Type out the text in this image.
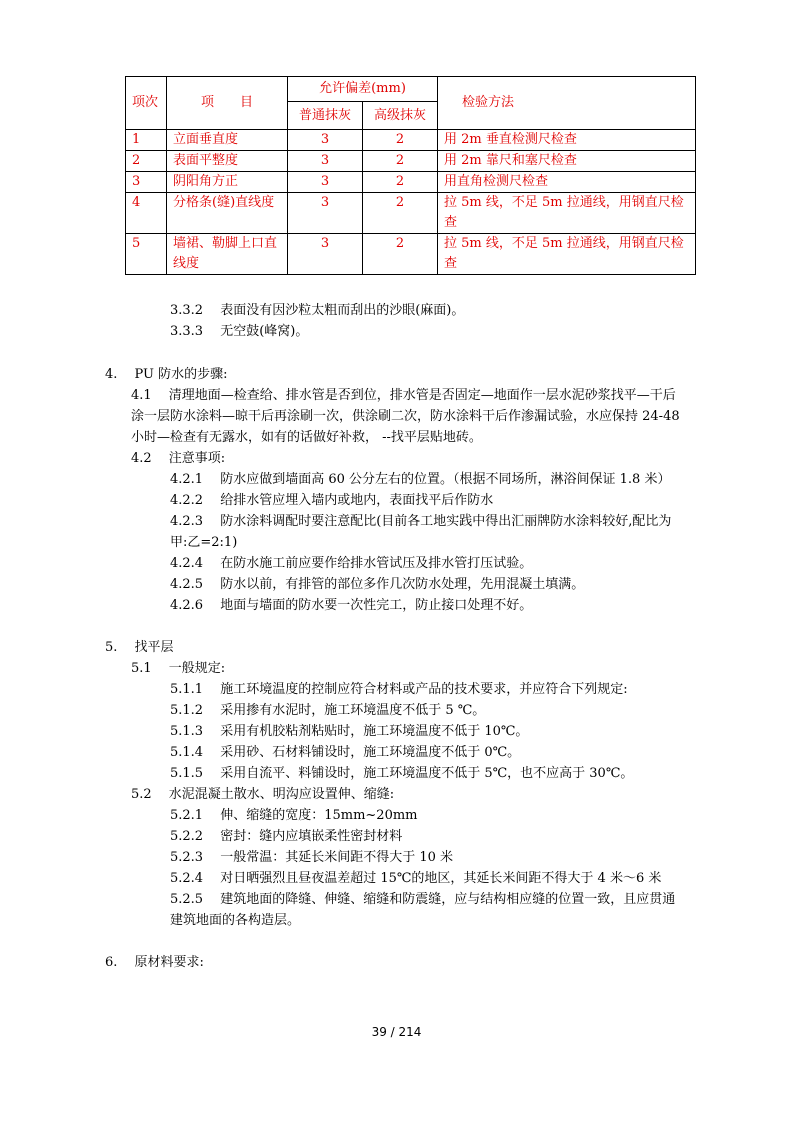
项次	项　　目	允许偏差(mm)		检验方法
		普通抹灰	高级抹灰	
1	立面垂直度	3	2	用 2m 垂直检测尺检查
2	表面平整度	3	2	用 2m 靠尺和塞尺检查
3	阴阳角方正	3	2	用直角检测尺检查
4	分格条(缝)直线度	3	2	拉 5m 线，不足 5m 拉通线，用钢直尺检查
5	墙裙、勒脚上口直线度	3	2	拉 5m 线，不足 5m 拉通线，用钢直尺检查
3.3.2　 表面没有因沙粒太粗而刮出的沙眼(麻面)。
3.3.3　 无空鼓(峰窝)。
4.　 PU 防水的步骤:
4.1　 清理地面—检查给、排水管是否到位，排水管是否固定—地面作一层水泥砂浆找平—干后
涂一层防水涂料—晾干后再涂刷一次，供涂刷二次，防水涂料干后作渗漏试验，水应保持 24-48
小时—检查有无露水，如有的话做好补救， --找平层贴地砖。
4.2　 注意事项:
4.2.1　 防水应做到墙面高 60 公分左右的位置。（根据不同场所，淋浴间保证 1.8 米）
4.2.2　 给排水管应埋入墙内或地内，表面找平后作防水
4.2.3　 防水涂料调配时要注意配比(目前各工地实践中得出汇丽牌防水涂料较好,配比为
甲:乙=2:1)
4.2.4　 在防水施工前应要作给排水管试压及排水管打压试验。
4.2.5　 防水以前，有排管的部位多作几次防水处理，先用混凝土填满。
4.2.6　 地面与墙面的防水要一次性完工，防止接口处理不好。
5.　 找平层
5.1　 一般规定:
5.1.1　 施工环境温度的控制应符合材料或产品的技术要求，并应符合下列规定:
5.1.2　 采用掺有水泥时，施工环境温度不低于 5 ℃。
5.1.3　 采用有机胶粘剂粘贴时，施工环境温度不低于 10℃。
5.1.4　 采用砂、石材料铺设时，施工环境温度不低于 0℃。
5.1.5　 采用自流平、料铺设时，施工环境温度不低于 5℃，也不应高于 30℃。
5.2　 水泥混凝土散水、明沟应设置伸、缩缝:
5.2.1　 伸、缩缝的宽度：15mm~20mm
5.2.2　 密封：缝内应填嵌柔性密封材料
5.2.3　 一般常温：其延长米间距不得大于 10 米
5.2.4　 对日晒强烈且昼夜温差超过 15℃的地区，其延长米间距不得大于 4 米～6 米
5.2.5　 建筑地面的降缝、伸缝、缩缝和防震缝，应与结构相应缝的位置一致，且应贯通
建筑地面的各构造层。
6.　 原材料要求:
39 / 214
